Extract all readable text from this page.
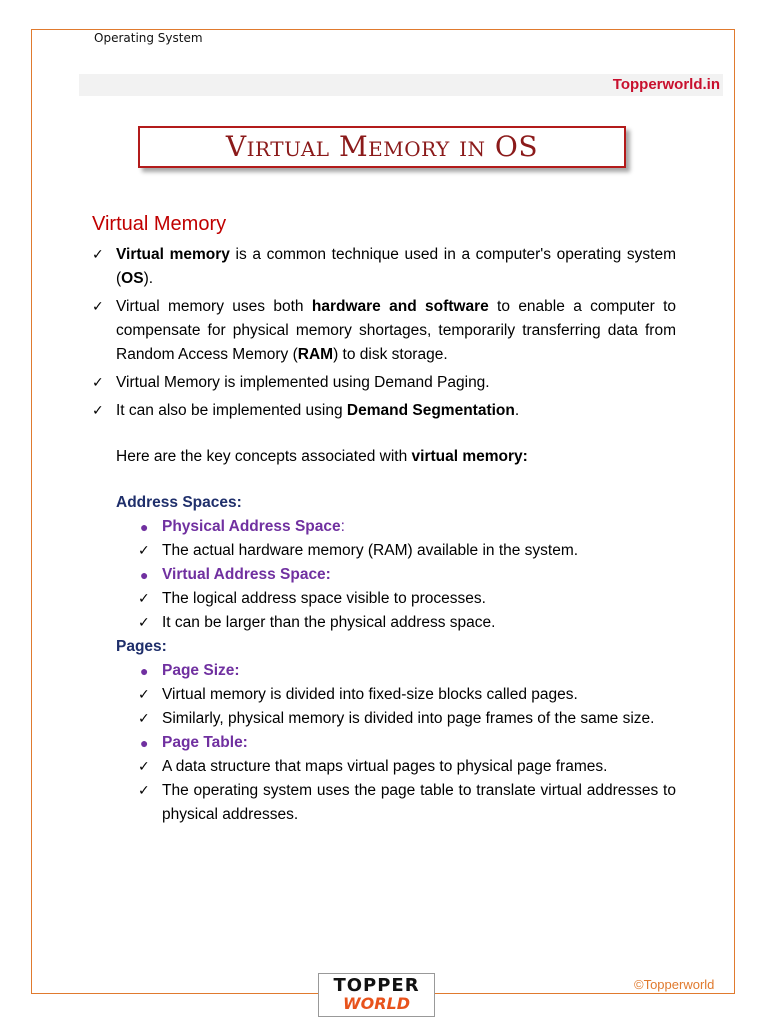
Operating System
Topperworld.in
Virtual Memory in OS
Virtual Memory
✓ Virtual memory is a common technique used in a computer's operating system (OS).
✓ Virtual memory uses both hardware and software to enable a computer to compensate for physical memory shortages, temporarily transferring data from Random Access Memory (RAM) to disk storage.
✓ Virtual Memory is implemented using Demand Paging.
✓ It can also be implemented using Demand Segmentation.
Here are the key concepts associated with virtual memory:
Address Spaces:
● Physical Address Space:
✓ The actual hardware memory (RAM) available in the system.
● Virtual Address Space:
✓ The logical address space visible to processes.
✓ It can be larger than the physical address space.
Pages:
● Page Size:
✓ Virtual memory is divided into fixed-size blocks called pages.
✓ Similarly, physical memory is divided into page frames of the same size.
● Page Table:
✓ A data structure that maps virtual pages to physical page frames.
✓ The operating system uses the page table to translate virtual addresses to physical addresses.
TOPPER
WORLD
©Topperworld
